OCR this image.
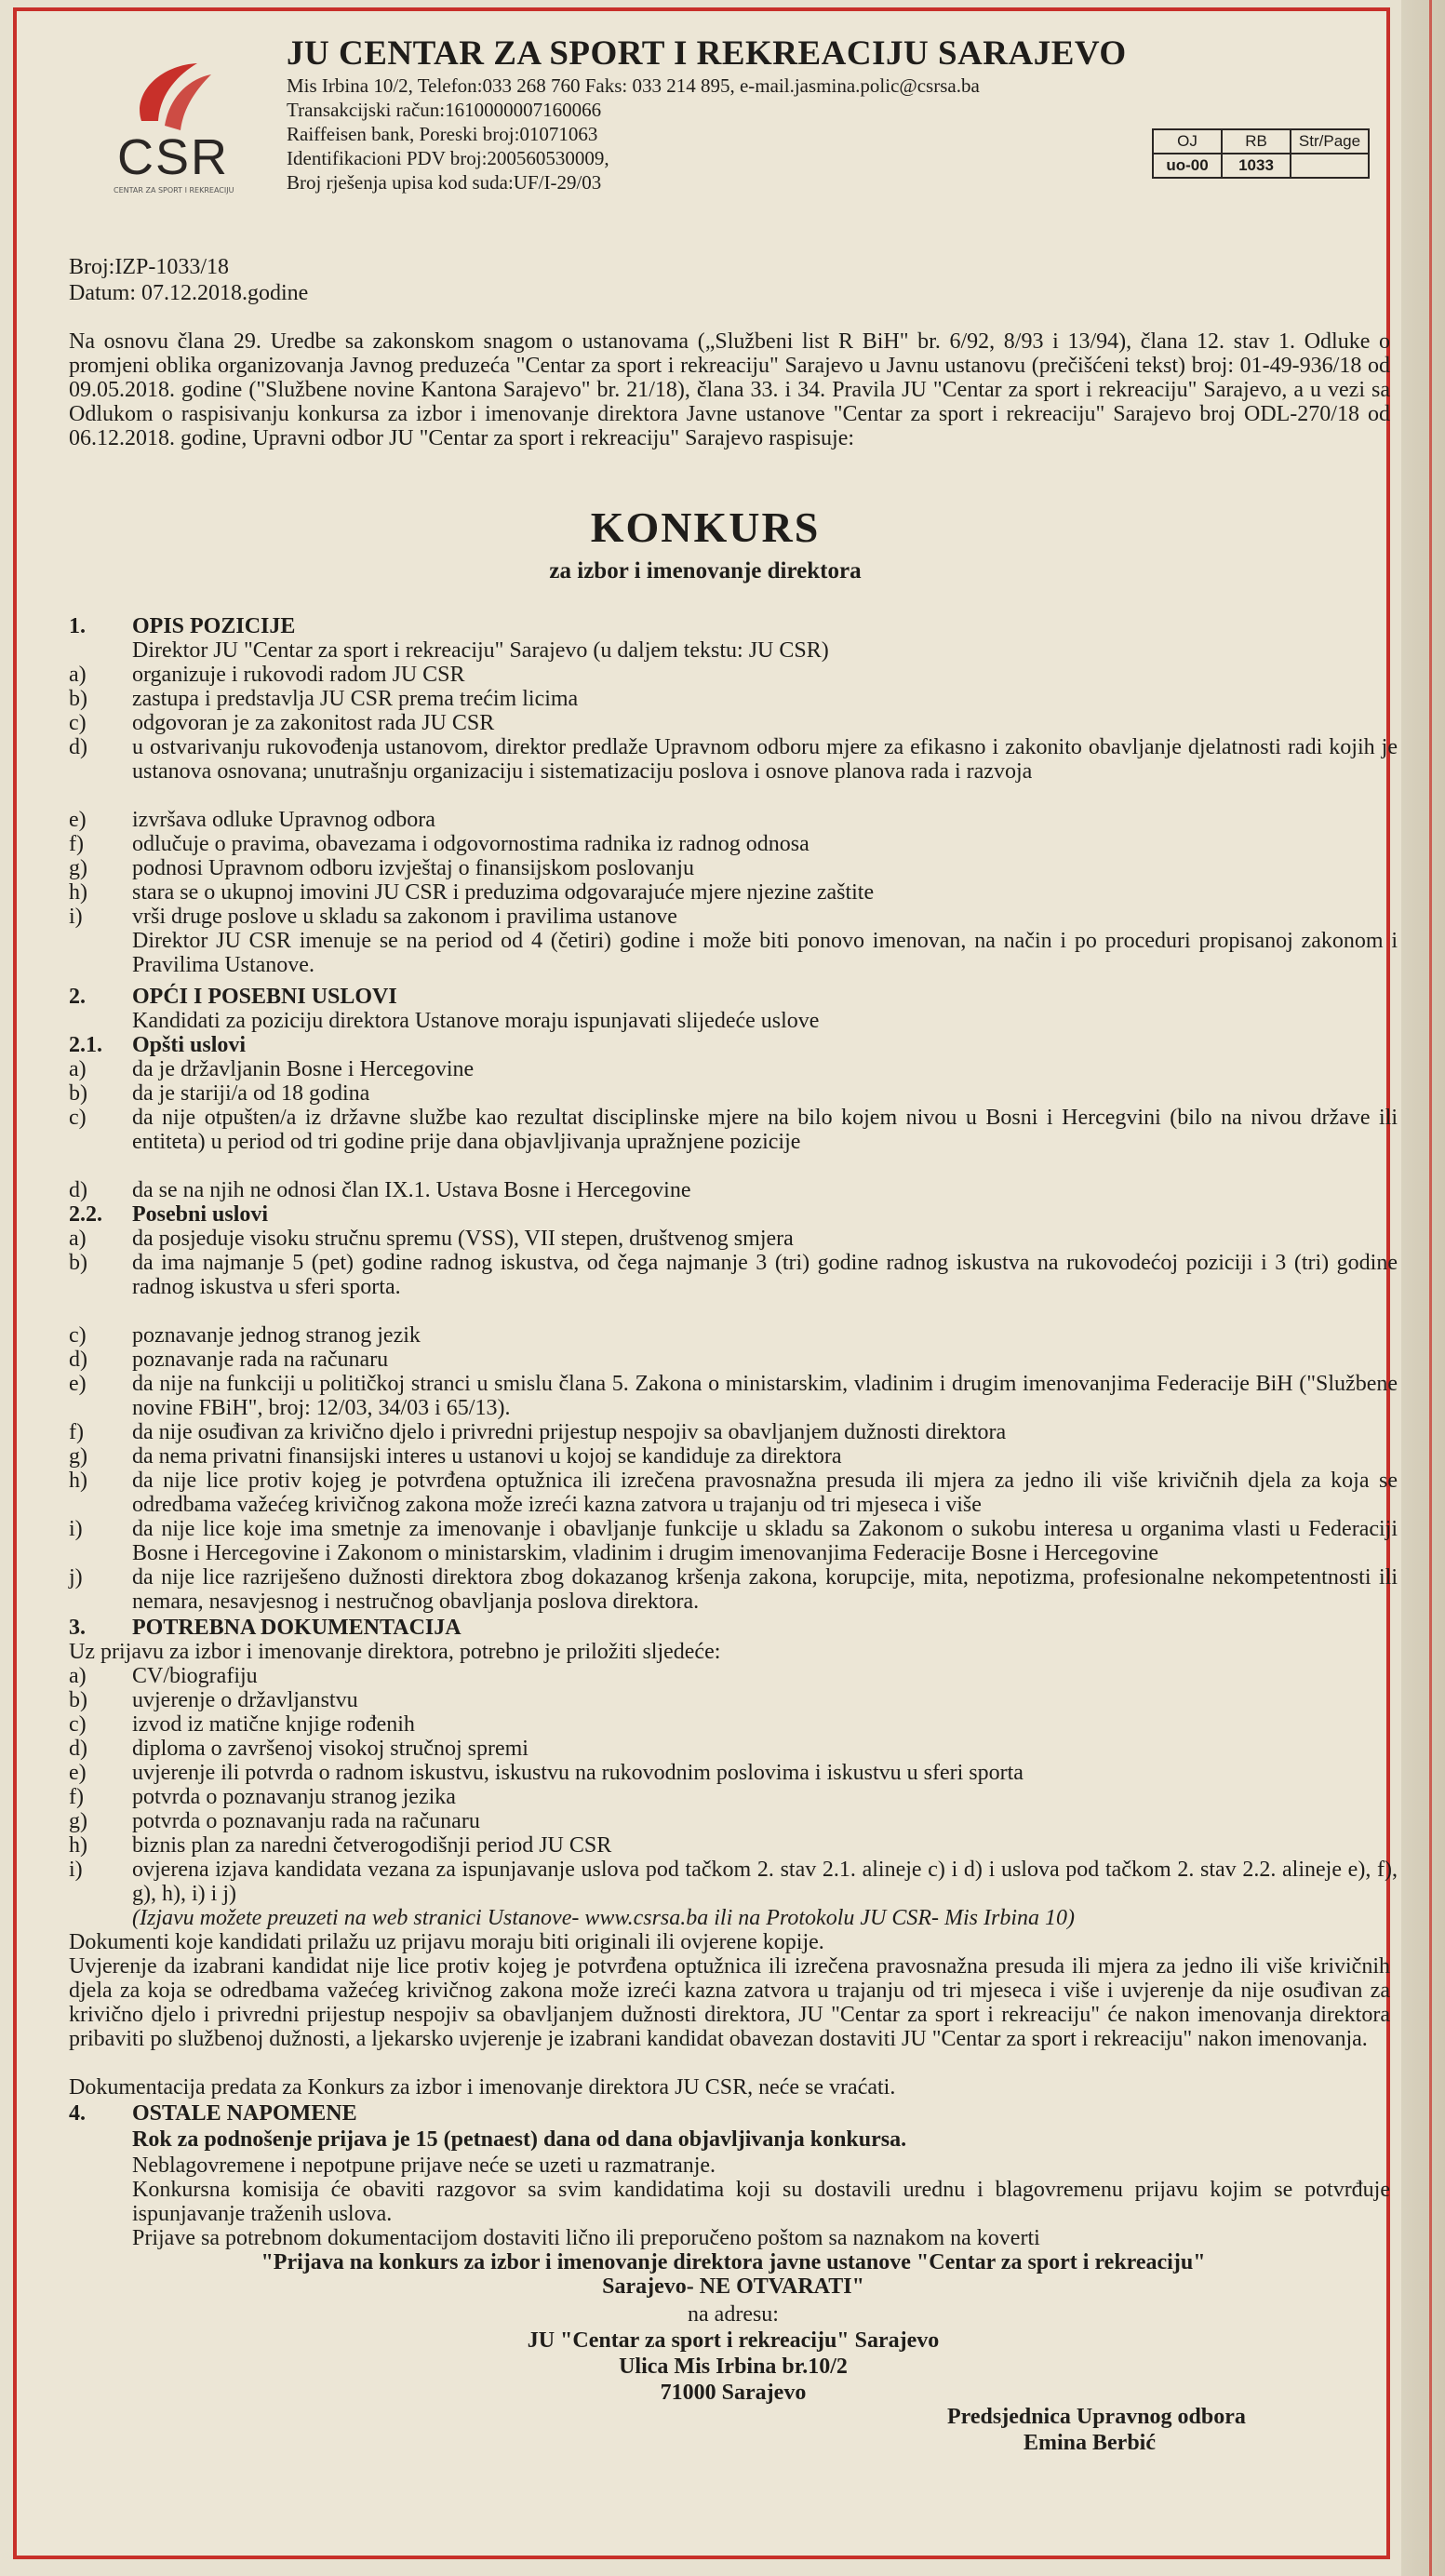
CSR
CENTAR ZA SPORT I REKREACIJU
JU CENTAR ZA SPORT I REKREACIJU SARAJEVO
Mis Irbina 10/2, Telefon:033 268 760 Faks: 033 214 895, e-mail.jasmina.polic@csrsa.ba
Transakcijski račun:1610000007160066
Raiffeisen bank, Poreski broj:01071063
Identifikacioni PDV broj:200560530009,
Broj rješenja upisa kod suda:UF/I-29/03
OJ	RB	Str/Page
uo-00	1033	
Broj:IZP-1033/18
Datum: 07.12.2018.godine
Na osnovu člana 29. Uredbe sa zakonskom snagom o ustanovama („Službeni list R BiH" br. 6/92, 8/93 i 13/94), člana 12. stav 1. Odluke o promjeni oblika organizovanja Javnog preduzeća "Centar za sport i rekreaciju" Sarajevo u Javnu ustanovu (prečišćeni tekst) broj: 01-49-936/18 od 09.05.2018. godine ("Službene novine Kantona Sarajevo" br. 21/18), člana 33. i 34. Pravila JU "Centar za sport i rekreaciju" Sarajevo, a u vezi sa Odlukom o raspisivanju konkursa za izbor i imenovanje direktora Javne ustanove "Centar za sport i rekreaciju" Sarajevo broj ODL-270/18 od 06.12.2018. godine, Upravni odbor JU "Centar za sport i rekreaciju" Sarajevo raspisuje:
KONKURS
za izbor i imenovanje direktora
1. OPIS POZICIJE
Direktor JU "Centar za sport i rekreaciju" Sarajevo (u daljem tekstu: JU CSR)
a) organizuje i rukovodi radom JU CSR
b) zastupa i predstavlja JU CSR prema trećim licima
c) odgovoran je za zakonitost rada JU CSR
d) u ostvarivanju rukovođenja ustanovom, direktor predlaže Upravnom odboru mjere za efikasno i zakonito obavljanje djelatnosti radi kojih je ustanova osnovana; unutrašnju organizaciju i sistematizaciju poslova i osnove planova rada i razvoja
e) izvršava odluke Upravnog odbora
f) odlučuje o pravima, obavezama i odgovornostima radnika iz radnog odnosa
g) podnosi Upravnom odboru izvještaj o finansijskom poslovanju
h) stara se o ukupnoj imovini JU CSR i preduzima odgovarajuće mjere njezine zaštite
i) vrši druge poslove u skladu sa zakonom i pravilima ustanove
Direktor JU CSR imenuje se na period od 4 (četiri) godine i može biti ponovo imenovan, na način i po proceduri propisanoj zakonom i Pravilima Ustanove.
2. OPĆI I POSEBNI USLOVI
Kandidati za poziciju direktora Ustanove moraju ispunjavati slijedeće uslove
2.1. Opšti uslovi
a) da je državljanin Bosne i Hercegovine
b) da je stariji/a od 18 godina
c) da nije otpušten/a iz državne službe kao rezultat disciplinske mjere na bilo kojem nivou u Bosni i Hercegvini (bilo na nivou države ili entiteta) u period od tri godine prije dana objavljivanja upražnjene pozicije
d) da se na njih ne odnosi član IX.1. Ustava Bosne i Hercegovine
2.2. Posebni uslovi
a) da posjeduje visoku stručnu spremu (VSS), VII stepen, društvenog smjera
b) da ima najmanje 5 (pet) godine radnog iskustva, od čega najmanje 3 (tri) godine radnog iskustva na rukovodećoj poziciji i 3 (tri) godine radnog iskustva u sferi sporta.
c) poznavanje jednog stranog jezik
d) poznavanje rada na računaru
e) da nije na funkciji u političkoj stranci u smislu člana 5. Zakona o ministarskim, vladinim i drugim imenovanjima Federacije BiH ("Službene novine FBiH", broj: 12/03, 34/03 i 65/13).
f) da nije osuđivan za krivično djelo i privredni prijestup nespojiv sa obavljanjem dužnosti direktora
g) da nema privatni finansijski interes u ustanovi u kojoj se kandiduje za direktora
h) da nije lice protiv kojeg je potvrđena optužnica ili izrečena pravosnažna presuda ili mjera za jedno ili više krivičnih djela za koja se odredbama važećeg krivičnog zakona može izreći kazna zatvora u trajanju od tri mjeseca i više
i) da nije lice koje ima smetnje za imenovanje i obavljanje funkcije u skladu sa Zakonom o sukobu interesa u organima vlasti u Federaciji Bosne i Hercegovine i Zakonom o ministarskim, vladinim i drugim imenovanjima Federacije Bosne i Hercegovine
j) da nije lice razriješeno dužnosti direktora zbog dokazanog kršenja zakona, korupcije, mita, nepotizma, profesionalne nekompetentnosti ili nemara, nesavjesnog i nestručnog obavljanja poslova direktora.
3. POTREBNA DOKUMENTACIJA
Uz prijavu za izbor i imenovanje direktora, potrebno je priložiti sljedeće:
a) CV/biografiju
b) uvjerenje o državljanstvu
c) izvod iz matične knjige rođenih
d) diploma o završenoj visokoj stručnoj spremi
e) uvjerenje ili potvrda o radnom iskustvu, iskustvu na rukovodnim poslovima i iskustvu u sferi sporta
f) potvrda o poznavanju stranog jezika
g) potvrda o poznavanju rada na računaru
h) biznis plan za naredni četverogodišnji period JU CSR
i) ovjerena izjava kandidata vezana za ispunjavanje uslova pod tačkom 2. stav 2.1. alineje c) i d) i uslova pod tačkom 2. stav 2.2. alineje e), f), g), h), i) i j)
(Izjavu možete preuzeti na web stranici Ustanove- www.csrsa.ba ili na Protokolu JU CSR- Mis Irbina 10)
Dokumenti koje kandidati prilažu uz prijavu moraju biti originali ili ovjerene kopije.
Uvjerenje da izabrani kandidat nije lice protiv kojeg je potvrđena optužnica ili izrečena pravosnažna presuda ili mjera za jedno ili više krivičnih djela za koja se odredbama važećeg krivičnog zakona može izreći kazna zatvora u trajanju od tri mjeseca i više i uvjerenje da nije osuđivan za krivično djelo i privredni prijestup nespojiv sa obavljanjem dužnosti direktora, JU "Centar za sport i rekreaciju" će nakon imenovanja direktora pribaviti po službenoj dužnosti, a ljekarsko uvjerenje je izabrani kandidat obavezan dostaviti JU "Centar za sport i rekreaciju" nakon imenovanja.
Dokumentacija predata za Konkurs za izbor i imenovanje direktora JU CSR, neće se vraćati.
4. OSTALE NAPOMENE
Rok za podnošenje prijava je 15 (petnaest) dana od dana objavljivanja konkursa.
Neblagovremene i nepotpune prijave neće se uzeti u razmatranje.
Konkursna komisija će obaviti razgovor sa svim kandidatima koji su dostavili urednu i blagovremenu prijavu kojim se potvrđuje ispunjavanje traženih uslova.
Prijave sa potrebnom dokumentacijom dostaviti lično ili preporučeno poštom sa naznakom na koverti
"Prijava na konkurs za izbor i imenovanje direktora javne ustanove "Centar za sport i rekreaciju"
Sarajevo- NE OTVARATI"
na adresu:
JU "Centar za sport i rekreaciju" Sarajevo
Ulica Mis Irbina br.10/2
71000 Sarajevo
Predsjednica Upravnog odbora
Emina Berbić
